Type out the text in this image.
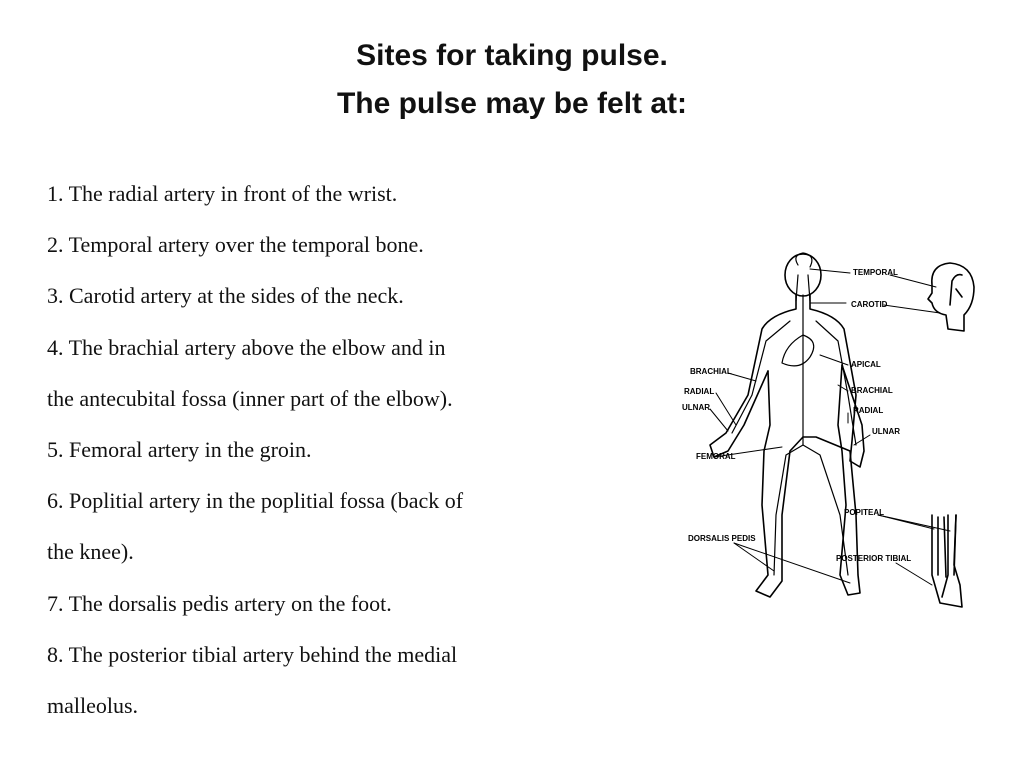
Sites for taking pulse.
The pulse may be felt at:
1. The radial artery in front of the wrist.
2. Temporal artery over the temporal bone.
3. Carotid artery at the sides of the neck.
4. The brachial artery above the elbow and in
the antecubital fossa (inner part of the elbow).
5. Femoral artery in the groin.
6. Poplitial artery in the poplitial fossa (back of
the knee).
7. The dorsalis pedis artery on the foot.
8. The posterior tibial artery behind the medial
malleolus.
TEMPORAL
CAROTID
APICAL
BRACHIAL
RADIAL
ULNAR
BRACHIAL
RADIAL
ULNAR
FEMORAL
POPITEAL
DORSALIS PEDIS
POSTERIOR TIBIAL
